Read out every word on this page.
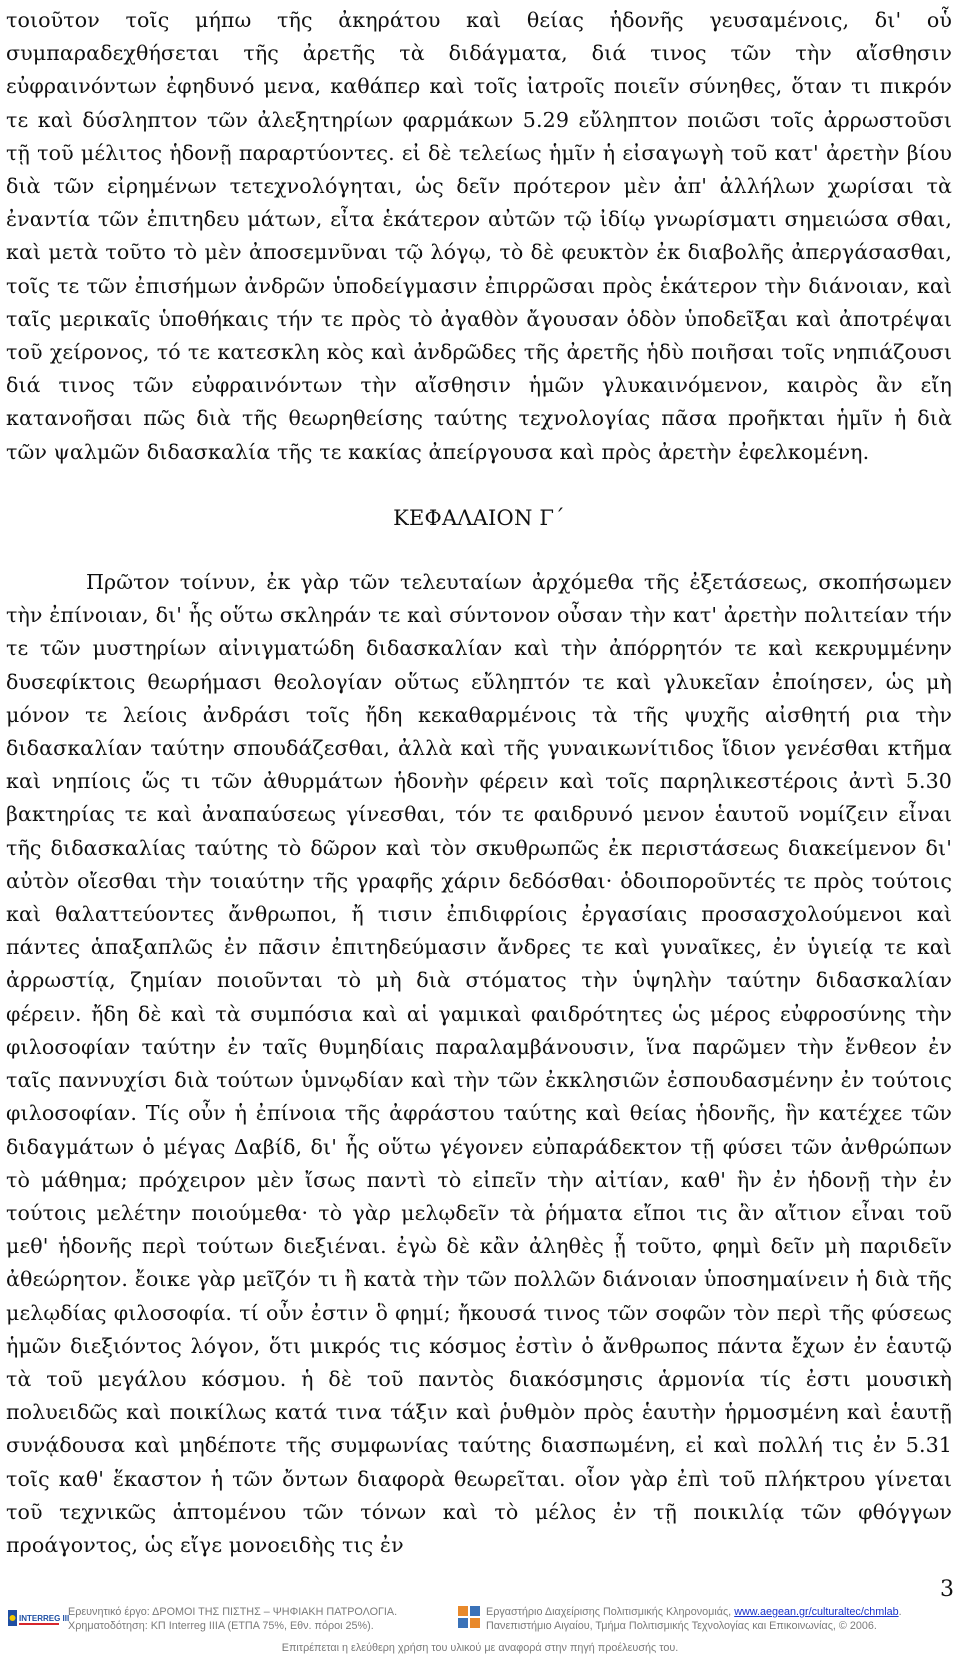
τοιοῦτον τοῖς μήπω τῆς ἀκηράτου καὶ θείας ἡδονῆς γευσαμένοις, δι' οὗ συμπαραδεχθήσεται τῆς ἀρετῆς τὰ διδάγματα, διά τινος τῶν τὴν αἴσθησιν εὐφραινόντων ἐφηδυνό μενα, καθάπερ καὶ τοῖς ἰατροῖς ποιεῖν σύνηθες, ὅταν τι πικρόν τε καὶ δύσληπτον τῶν ἀλεξητηρίων φαρμάκων 5.29 εὔληπτον ποιῶσι τοῖς ἀρρωστοῦσι τῇ τοῦ μέλιτος ἡδονῇ παραρτύοντες. εἰ δὲ τελείως ἡμῖν ἡ εἰσαγωγὴ τοῦ κατ' ἀρετὴν βίου διὰ τῶν εἰρημένων τετεχνολόγηται, ὡς δεῖν πρότερον μὲν ἀπ' ἀλλήλων χωρίσαι τὰ ἐναντία τῶν ἐπιτηδευ μάτων, εἶτα ἑκάτερον αὐτῶν τῷ ἰδίῳ γνωρίσματι σημειώσα σθαι, καὶ μετὰ τοῦτο τὸ μὲν ἀποσεμνῦναι τῷ λόγῳ, τὸ δὲ φευκτὸν ἐκ διαβολῆς ἀπεργάσασθαι, τοῖς τε τῶν ἐπισήμων ἀνδρῶν ὑποδείγμασιν ἐπιρρῶσαι πρὸς ἑκάτερον τὴν διάνοιαν, καὶ ταῖς μερικαῖς ὑποθήκαις τήν τε πρὸς τὸ ἀγαθὸν ἄγουσαν ὁδὸν ὑποδεῖξαι καὶ ἀποτρέψαι τοῦ χείρονος, τό τε κατεσκλη κὸς καὶ ἀνδρῶδες τῆς ἀρετῆς ἡδὺ ποιῆσαι τοῖς νηπιάζουσι διά τινος τῶν εὐφραινόντων τὴν αἴσθησιν ἡμῶν γλυκαινόμενον, καιρὸς ἂν εἴη κατανοῆσαι πῶς διὰ τῆς θεωρηθείσης ταύτης τεχνολογίας πᾶσα προῆκται ἡμῖν ἡ διὰ τῶν ψαλμῶν διδασκαλία τῆς τε κακίας ἀπείργουσα καὶ πρὸς ἀρετὴν ἐφελκομένη.

ΚΕΦΑΛΑΙΟΝ Γ΄

Πρῶτον τοίνυν, ἐκ γὰρ τῶν τελευταίων ἀρχόμεθα τῆς ἐξετάσεως, σκοπήσωμεν τὴν ἐπίνοιαν, δι' ἧς οὕτω σκληράν τε καὶ σύντονον οὖσαν τὴν κατ' ἀρετὴν πολιτείαν τήν τε τῶν μυστηρίων αἰνιγματώδη διδασκαλίαν καὶ τὴν ἀπόρρητόν τε καὶ κεκρυμμένην δυσεφίκτοις θεωρήμασι θεολογίαν οὕτως εὔληπτόν τε καὶ γλυκεῖαν ἐποίησεν, ὡς μὴ μόνον τε λείοις ἀνδράσι τοῖς ἤδη κεκαθαρμένοις τὰ τῆς ψυχῆς αἰσθητή ρια τὴν διδασκαλίαν ταύτην σπουδάζεσθαι, ἀλλὰ καὶ τῆς γυναικωνίτιδος ἴδιον γενέσθαι κτῆμα καὶ νηπίοις ὥς τι τῶν ἀθυρμάτων ἡδονὴν φέρειν καὶ τοῖς παρηλικεστέροις ἀντὶ 5.30 βακτηρίας τε καὶ ἀναπαύσεως γίνεσθαι, τόν τε φαιδρυνό μενον ἑαυτοῦ νομίζειν εἶναι τῆς διδασκαλίας ταύτης τὸ δῶρον καὶ τὸν σκυθρωπῶς ἐκ περιστάσεως διακείμενον δι' αὐτὸν οἴεσθαι τὴν τοιαύτην τῆς γραφῆς χάριν δεδόσθαι· ὁδοιποροῦντές τε πρὸς τούτοις καὶ θαλαττεύοντες ἄνθρωποι, ἤ τισιν ἐπιδιφρίοις ἐργασίαις προσασχολούμενοι καὶ πάντες ἁπαξαπλῶς ἐν πᾶσιν ἐπιτηδεύμασιν ἄνδρες τε καὶ γυναῖκες, ἐν ὑγιείᾳ τε καὶ ἀρρωστίᾳ, ζημίαν ποιοῦνται τὸ μὴ διὰ στόματος τὴν ὑψηλὴν ταύτην διδασκαλίαν φέρειν. ἤδη δὲ καὶ τὰ συμπόσια καὶ αἱ γαμικαὶ φαιδρότητες ὡς μέρος εὐφροσύνης τὴν φιλοσοφίαν ταύτην ἐν ταῖς θυμηδίαις παραλαμβάνουσιν, ἵνα παρῶμεν τὴν ἔνθεον ἐν ταῖς παννυχίσι διὰ τούτων ὑμνῳδίαν καὶ τὴν τῶν ἐκκλησιῶν ἐσπουδασμένην ἐν τούτοις φιλοσοφίαν. Τίς οὖν ἡ ἐπίνοια τῆς ἀφράστου ταύτης καὶ θείας ἡδονῆς, ἣν κατέχεε τῶν διδαγμάτων ὁ μέγας Δαβίδ, δι' ἧς οὕτω γέγονεν εὐπαράδεκτον τῇ φύσει τῶν ἀνθρώπων τὸ μάθημα; πρόχειρον μὲν ἴσως παντὶ τὸ εἰπεῖν τὴν αἰτίαν, καθ' ἣν ἐν ἡδονῇ τὴν ἐν τούτοις μελέτην ποιούμεθα· τὸ γὰρ μελῳδεῖν τὰ ῥήματα εἴποι τις ἂν αἴτιον εἶναι τοῦ μεθ' ἡδονῆς περὶ τούτων διεξιέναι. ἐγὼ δὲ κἂν ἀληθὲς ᾖ τοῦτο, φημὶ δεῖν μὴ παριδεῖν ἀθεώρητον. ἔοικε γὰρ μεῖζόν τι ἢ κατὰ τὴν τῶν πολλῶν διάνοιαν ὑποσημαίνειν ἡ διὰ τῆς μελῳδίας φιλοσοφία. τί οὖν ἐστιν ὃ φημί; ἤκουσά τινος τῶν σοφῶν τὸν περὶ τῆς φύσεως ἡμῶν διεξιόντος λόγον, ὅτι μικρός τις κόσμος ἐστὶν ὁ ἄνθρωπος πάντα ἔχων ἐν ἑαυτῷ τὰ τοῦ μεγάλου κόσμου. ἡ δὲ τοῦ παντὸς διακόσμησις ἁρμονία τίς ἐστι μουσικὴ πολυειδῶς καὶ ποικίλως κατά τινα τάξιν καὶ ῥυθμὸν πρὸς ἑαυτὴν ἡρμοσμένη καὶ ἑαυτῇ συνᾴδουσα καὶ μηδέποτε τῆς συμφωνίας ταύτης διασπωμένη, εἰ καὶ πολλή τις ἐν 5.31 τοῖς καθ' ἕκαστον ἡ τῶν ὄντων διαφορὰ θεωρεῖται. οἷον γὰρ ἐπὶ τοῦ πλήκτρου γίνεται τοῦ τεχνικῶς ἁπτομένου τῶν τόνων καὶ τὸ μέλος ἐν τῇ ποικιλίᾳ τῶν φθόγγων προάγοντος, ὡς εἴγε μονοειδὴς τις ἐν

3
INTERREG III
Ερευνητικό έργο: ΔΡΟΜΟΙ ΤΗΣ ΠΙΣΤΗΣ – ΨΗΦΙΑΚΗ ΠΑΤΡΟΛΟΓΙΑ.
Χρηματοδότηση: ΚΠ Interreg IIIA (ΕΤΠΑ 75%, Εθν. πόροι 25%).
Εργαστήριο Διαχείρισης Πολιτισμικής Κληρονομιάς, www.aegean.gr/culturaltec/chmlab.
Πανεπιστήμιο Αιγαίου, Τμήμα Πολιτισμικής Τεχνολογίας και Επικοινωνίας, © 2006.
Επιτρέπεται η ελεύθερη χρήση του υλικού με αναφορά στην πηγή προέλευσής του.
